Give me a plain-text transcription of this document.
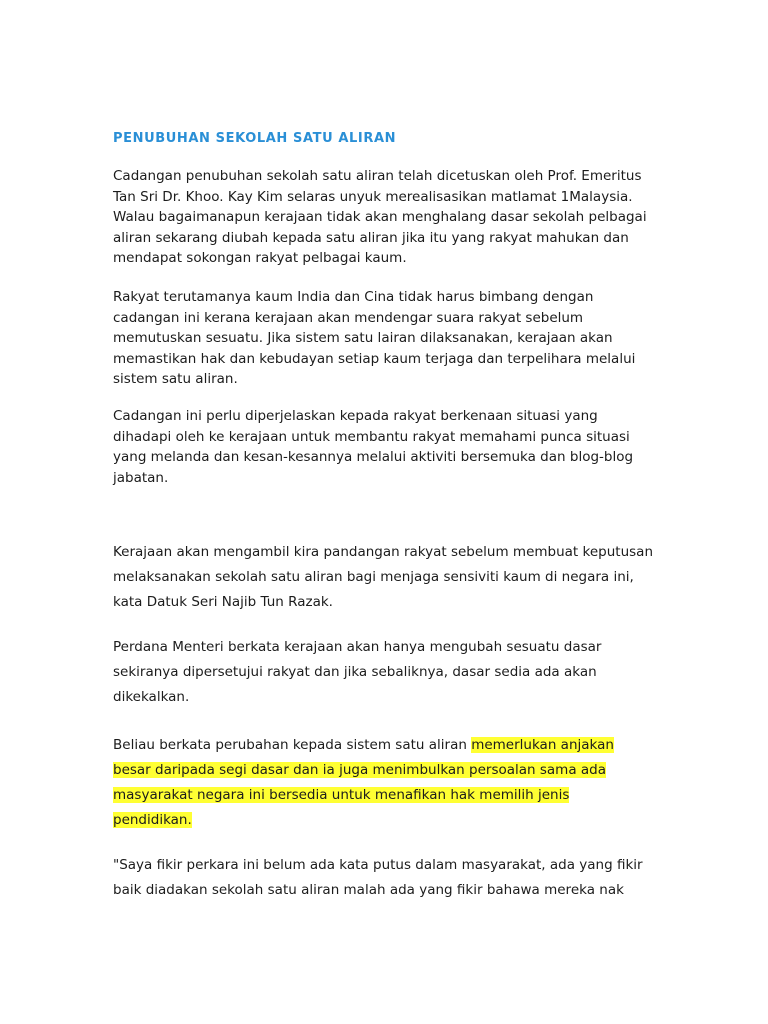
PENUBUHAN SEKOLAH SATU ALIRAN
Cadangan penubuhan sekolah satu aliran telah dicetuskan oleh Prof. Emeritus
Tan Sri Dr. Khoo. Kay Kim selaras unyuk merealisasikan matlamat 1Malaysia.
Walau bagaimanapun kerajaan tidak akan menghalang dasar sekolah pelbagai
aliran sekarang diubah kepada satu aliran jika itu yang rakyat mahukan dan
mendapat sokongan rakyat pelbagai kaum.
Rakyat terutamanya kaum India dan Cina tidak harus bimbang dengan
cadangan ini kerana kerajaan akan mendengar suara rakyat sebelum
memutuskan sesuatu. Jika sistem satu lairan dilaksanakan, kerajaan akan
memastikan hak dan kebudayan setiap kaum terjaga dan terpelihara melalui
sistem satu aliran.
Cadangan ini perlu diperjelaskan kepada rakyat berkenaan situasi yang
dihadapi oleh ke kerajaan untuk membantu rakyat memahami punca situasi
yang melanda dan kesan-kesannya melalui aktiviti bersemuka dan blog-blog
jabatan.
Kerajaan akan mengambil kira pandangan rakyat sebelum membuat keputusan
melaksanakan sekolah satu aliran bagi menjaga sensiviti kaum di negara ini,
kata Datuk Seri Najib Tun Razak.
Perdana Menteri berkata kerajaan akan hanya mengubah sesuatu dasar
sekiranya dipersetujui rakyat dan jika sebaliknya, dasar sedia ada akan
dikekalkan.
Beliau berkata perubahan kepada sistem satu aliran memerlukan anjakan
besar daripada segi dasar dan ia juga menimbulkan persoalan sama ada
masyarakat negara ini bersedia untuk menafikan hak memilih jenis
pendidikan.
"Saya fikir perkara ini belum ada kata putus dalam masyarakat, ada yang fikir
baik diadakan sekolah satu aliran malah ada yang fikir bahawa mereka nak
